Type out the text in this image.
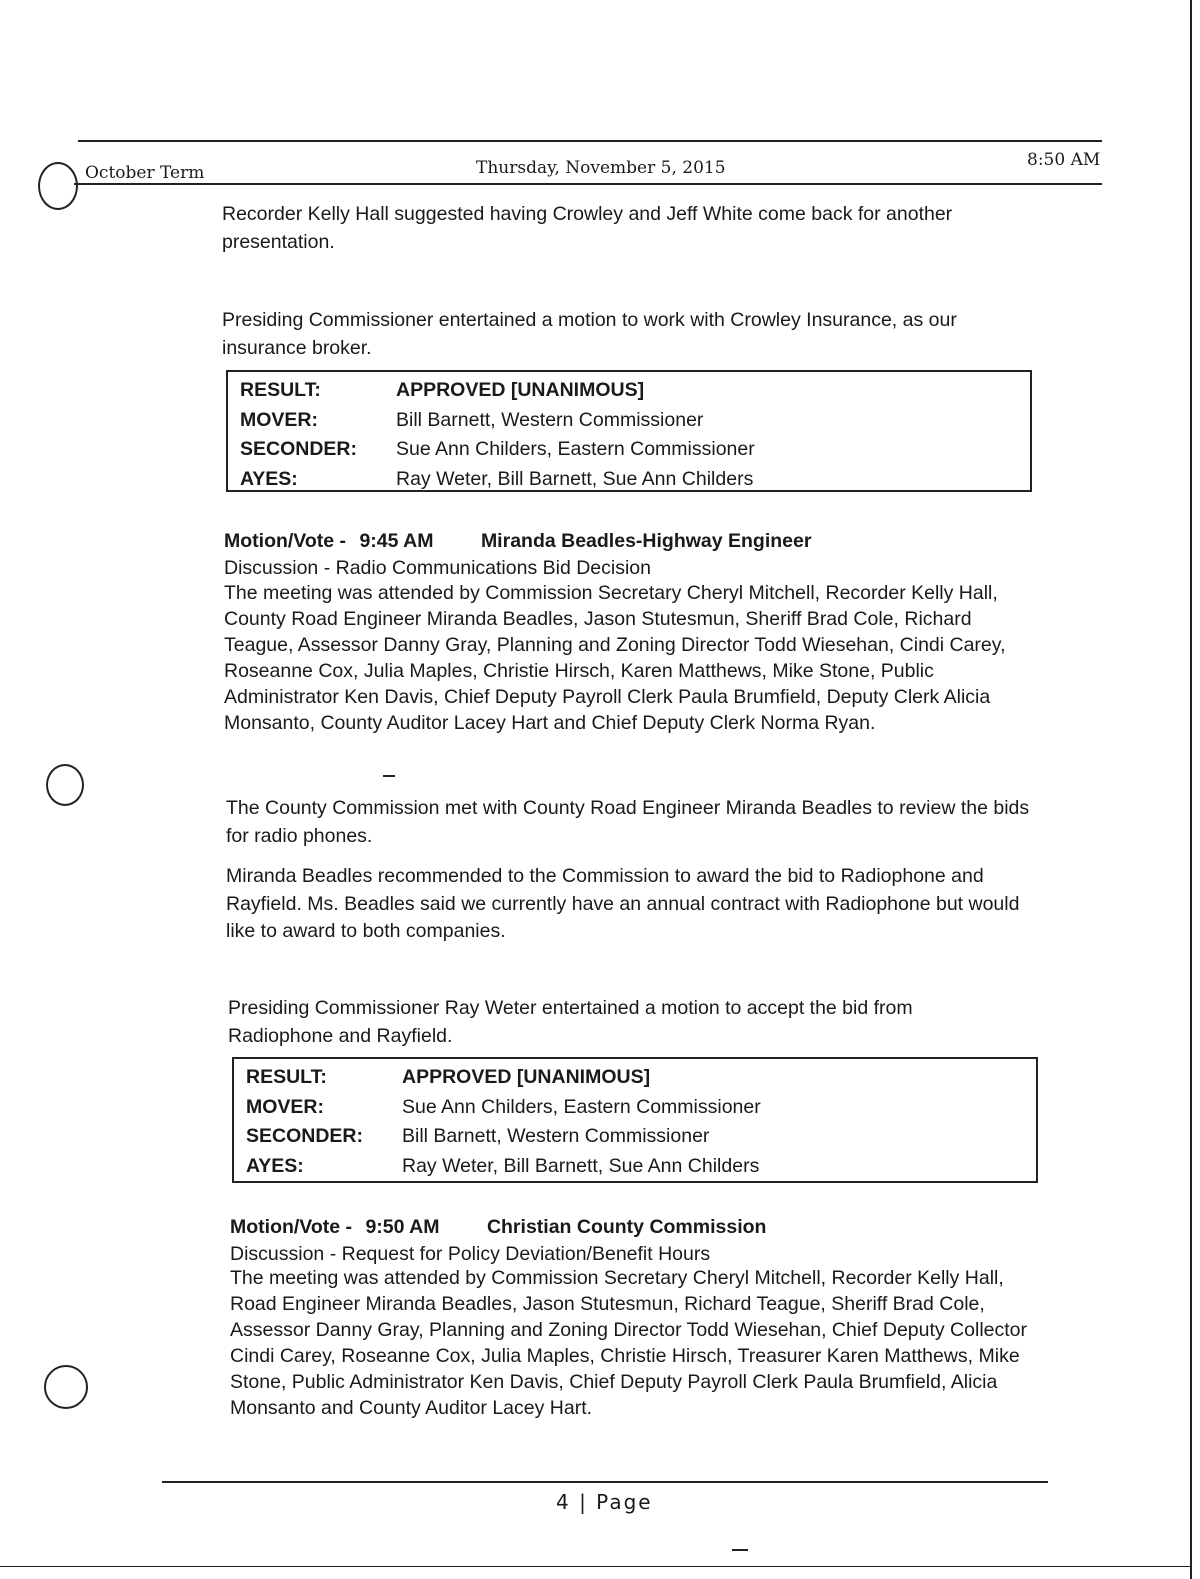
October Term	Thursday, November 5, 2015	8:50 AM
Recorder Kelly Hall suggested having Crowley and Jeff White come back for another presentation.
Presiding Commissioner entertained a motion to work with Crowley Insurance, as our insurance broker.
RESULT:	APPROVED [UNANIMOUS]
MOVER:	Bill Barnett, Western Commissioner
SECONDER:	Sue Ann Childers, Eastern Commissioner
AYES:	Ray Weter, Bill Barnett, Sue Ann Childers
Motion/Vote - 9:45 AM Miranda Beadles-Highway Engineer
Discussion - Radio Communications Bid Decision
The meeting was attended by Commission Secretary Cheryl Mitchell, Recorder Kelly Hall, County Road Engineer Miranda Beadles, Jason Stutesmun, Sheriff Brad Cole, Richard Teague, Assessor Danny Gray, Planning and Zoning Director Todd Wiesehan, Cindi Carey, Roseanne Cox, Julia Maples, Christie Hirsch, Karen Matthews, Mike Stone, Public Administrator Ken Davis, Chief Deputy Payroll Clerk Paula Brumfield, Deputy Clerk Alicia Monsanto, County Auditor Lacey Hart and Chief Deputy Clerk Norma Ryan.
The County Commission met with County Road Engineer Miranda Beadles to review the bids for radio phones.
Miranda Beadles recommended to the Commission to award the bid to Radiophone and Rayfield. Ms. Beadles said we currently have an annual contract with Radiophone but would like to award to both companies.
Presiding Commissioner Ray Weter entertained a motion to accept the bid from Radiophone and Rayfield.
RESULT:	APPROVED [UNANIMOUS]
MOVER:	Sue Ann Childers, Eastern Commissioner
SECONDER:	Bill Barnett, Western Commissioner
AYES:	Ray Weter, Bill Barnett, Sue Ann Childers
Motion/Vote - 9:50 AM Christian County Commission
Discussion - Request for Policy Deviation/Benefit Hours
The meeting was attended by Commission Secretary Cheryl Mitchell, Recorder Kelly Hall, Road Engineer Miranda Beadles, Jason Stutesmun, Richard Teague, Sheriff Brad Cole, Assessor Danny Gray, Planning and Zoning Director Todd Wiesehan, Chief Deputy Collector Cindi Carey, Roseanne Cox, Julia Maples, Christie Hirsch, Treasurer Karen Matthews, Mike Stone, Public Administrator Ken Davis, Chief Deputy Payroll Clerk Paula Brumfield, Alicia Monsanto and County Auditor Lacey Hart.
4 | Page
